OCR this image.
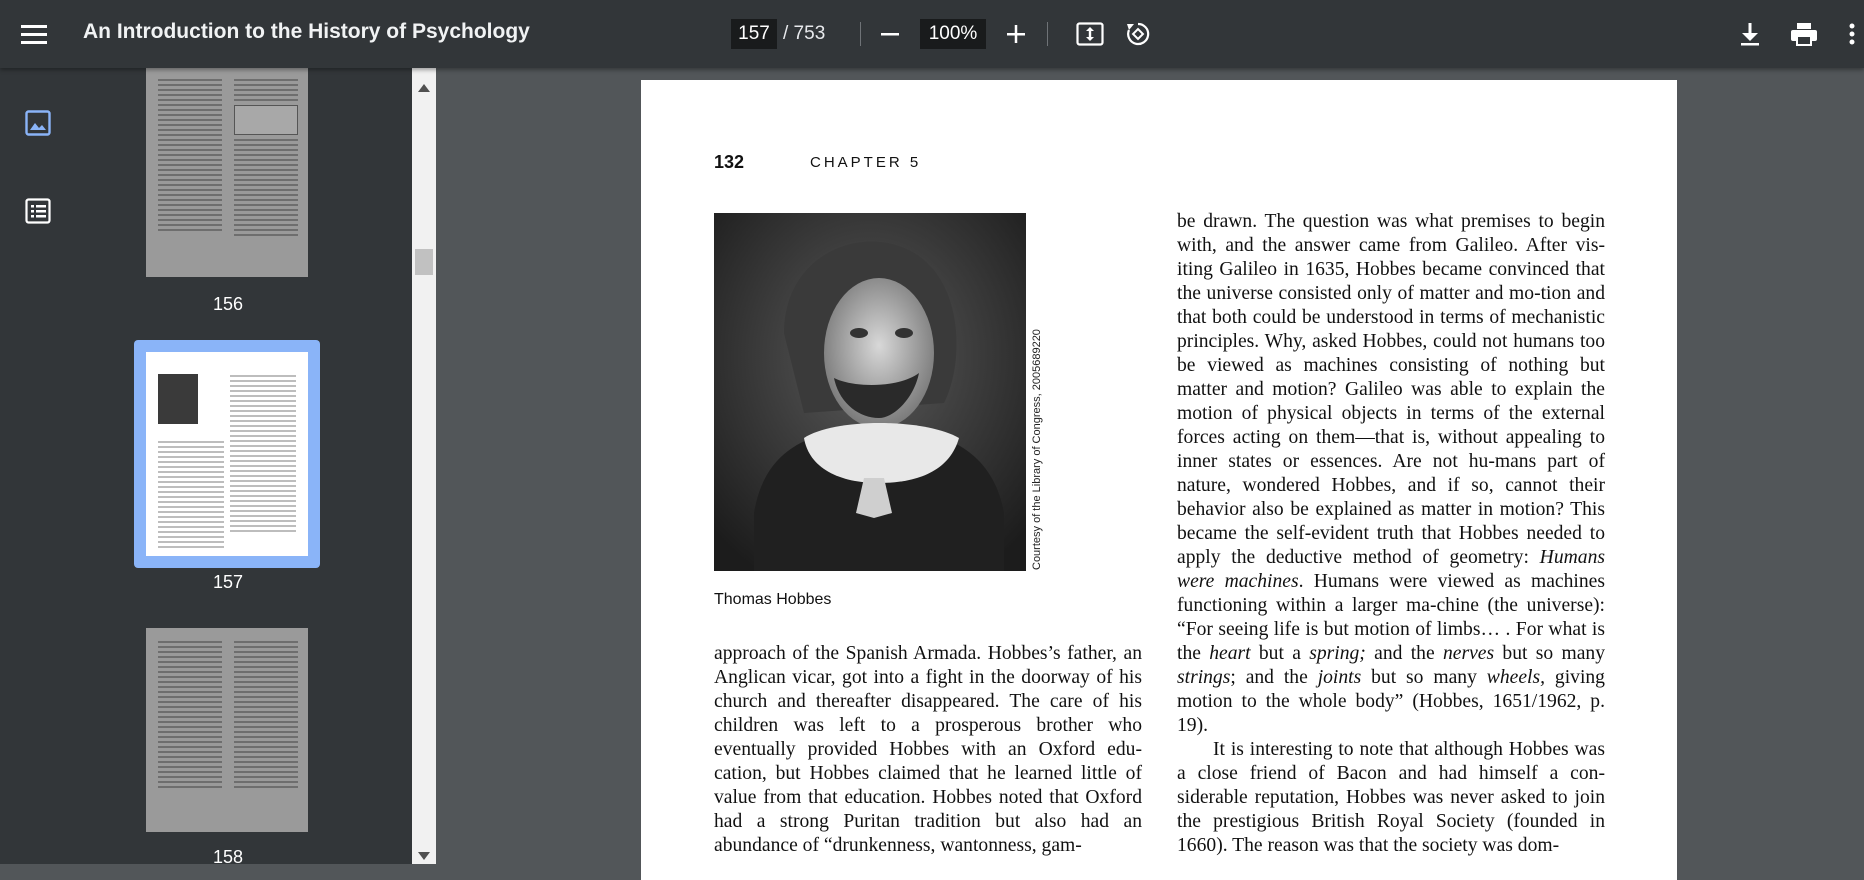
An Introduction to the History of Psychology	157 / 753	100%
156
157
158
132	CHAPTER 5
Courtesy of the Library of Congress, 2005689220
Thomas Hobbes

approach of the Spanish Armada. Hobbes’s father, an Anglican vicar, got into a fight in the doorway of his church and thereafter disappeared. The care of his children was left to a prosperous brother who eventually provided Hobbes with an Oxford edu-cation, but Hobbes claimed that he learned little of value from that education. Hobbes noted that Oxford had a strong Puritan tradition but also had an abundance of “drunkenness, wantonness, gam-

be drawn. The question was what premises to begin with, and the answer came from Galileo. After vis-iting Galileo in 1635, Hobbes became convinced that the universe consisted only of matter and mo-tion and that both could be understood in terms of mechanistic principles. Why, asked Hobbes, could not humans too be viewed as machines consisting of nothing but matter and motion? Galileo was able to explain the motion of physical objects in terms of the external forces acting on them—that is, without appealing to inner states or essences. Are not hu-mans part of nature, wondered Hobbes, and if so, cannot their behavior also be explained as matter in motion? This became the self-evident truth that Hobbes needed to apply the deductive method of geometry: Humans were machines. Humans were viewed as machines functioning within a larger ma-chine (the universe): “For seeing life is but motion of limbs… . For what is the heart but a spring; and the nerves but so many strings; and the joints but so many wheels, giving motion to the whole body” (Hobbes, 1651/1962, p. 19).

It is interesting to note that although Hobbes was a close friend of Bacon and had himself a con-siderable reputation, Hobbes was never asked to join the prestigious British Royal Society (founded in 1660). The reason was that the society was dom-
